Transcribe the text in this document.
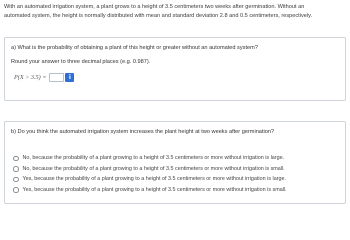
With an automated irrigation system, a plant grows to a height of 3.5 centimeters two weeks after germination. Without an
automated system, the height is normally distributed with mean and standard deviation 2.8 and 0.5 centimeters, respectively.
a) What is the probability of obtaining a plant of this height or greater without an automated system?
Round your answer to three decimal places (e.g. 0.987).
P(X > 3.5) =	i
b) Do you think the automated irrigation system increases the plant height at two weeks after germination?
No, because the probability of a plant growing to a height of 3.5 centimeters or more without irrigation is large.
No, because the probability of a plant growing to a height of 3.5 centimeters or more without irrigation is small.
Yes, because the probability of a plant growing to a height of 3.5 centimeters or more without irrigation is large.
Yes, because the probability of a plant growing to a height of 3.5 centimeters or more without irrigation is small.
